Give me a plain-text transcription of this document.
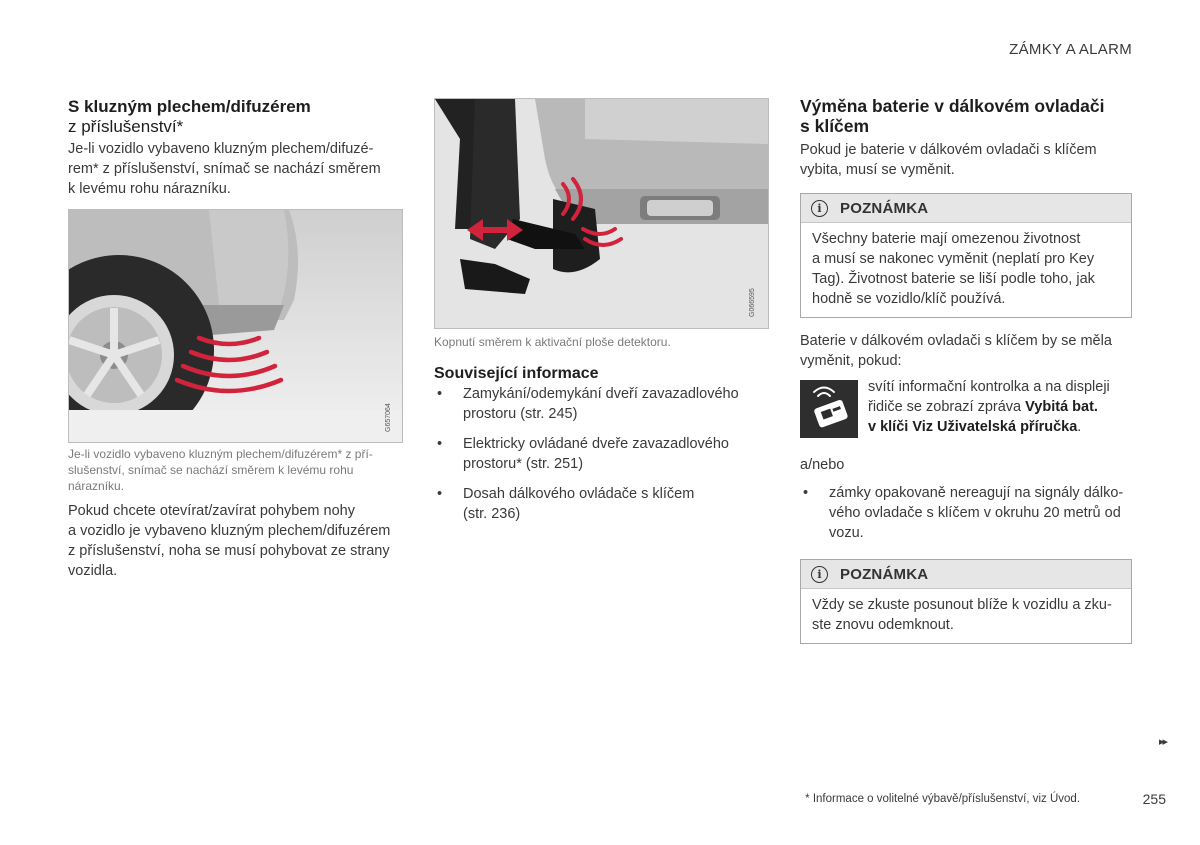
ZÁMKY A ALARM
S kluzným plechem/difuzérem
z příslušenství*
Je-li vozidlo vybaveno kluzným plechem/difuzé-
rem* z příslušenství, snímač se nachází směrem
k levému rohu nárazníku.
G657064
Je-li vozidlo vybaveno kluzným plechem/difuzérem* z pří-
slušenství, snímač se nachází směrem k levému rohu
nárazníku.
Pokud chcete otevírat/zavírat pohybem nohy
a vozidlo je vybaveno kluzným plechem/difuzérem
z příslušenství, noha se musí pohybovat ze strany
vozidla.
G066595
Kopnutí směrem k aktivační ploše detektoru.
Související informace
• Zamykání/odemykání dveří zavazadlového
prostoru (str. 245)
• Elektricky ovládané dveře zavazadlového
prostoru* (str. 251)
• Dosah dálkového ovládače s klíčem
(str. 236)
Výměna baterie v dálkovém ovladači
s klíčem
Pokud je baterie v dálkovém ovladači s klíčem
vybita, musí se vyměnit.
i	POZNÁMKA
Všechny baterie mají omezenou životnost
a musí se nakonec vyměnit (neplatí pro Key
Tag). Životnost baterie se liší podle toho, jak
hodně se vozidlo/klíč používá.
Baterie v dálkovém ovladači s klíčem by se měla
vyměnit, pokud:
svítí informační kontrolka a na displeji
řidiče se zobrazí zpráva Vybitá bat.
v klíči Viz Uživatelská příručka.
a/nebo
• zámky opakovaně nereagují na signály dálko-
vého ovladače s klíčem v okruhu 20 metrů od
vozu.
i	POZNÁMKA
Vždy se zkuste posunout blíže k vozidlu a zku-
ste znovu odemknout.
▸▸
* Informace o volitelné výbavě/příslušenství, viz Úvod.	255
